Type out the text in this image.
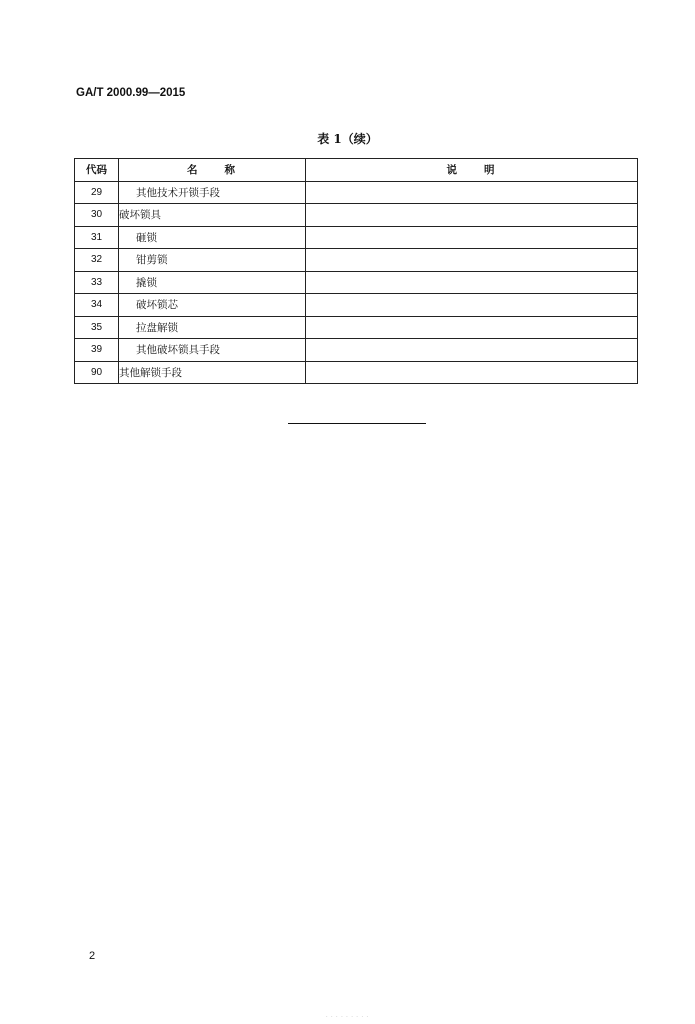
GA/T 2000.99—2015
表 1（续）
代码	名　　称	说　　明
29	其他技术开锁手段	
30	破坏锁具	
31	砸锁	
32	钳剪锁	
33	撬锁	
34	破坏锁芯	
35	拉盘解锁	
39	其他破坏锁具手段	
90	其他解锁手段	
2
· · · · · · · · ·
